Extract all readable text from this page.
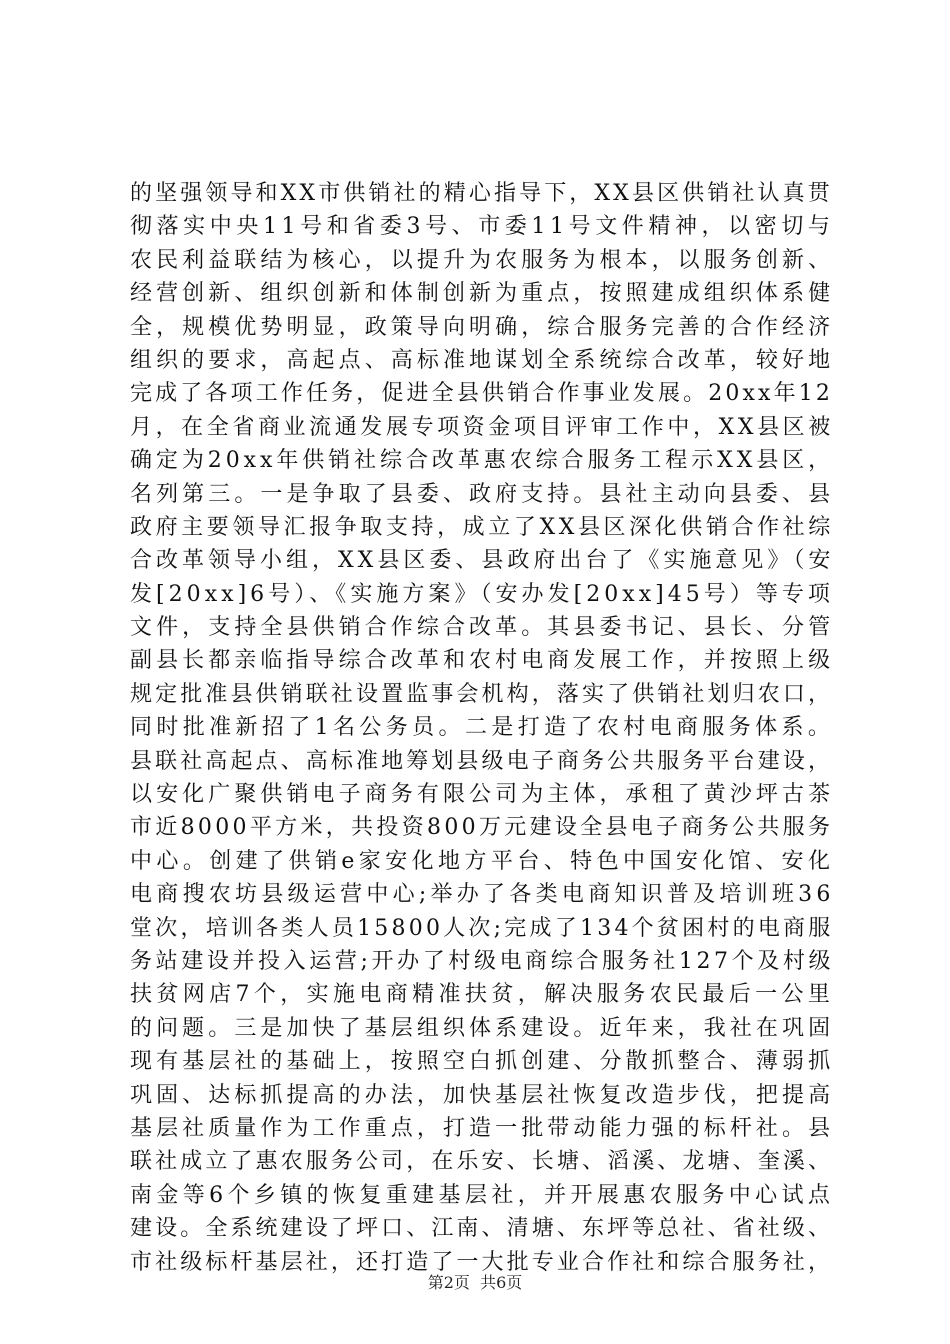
的坚强领导和XX市供销社的精心指导下，XX县区供销社认真贯
彻落实中央11号和省委3号、市委11号文件精神，以密切与
农民利益联结为核心，以提升为农服务为根本，以服务创新、
经营创新、组织创新和体制创新为重点，按照建成组织体系健
全，规模优势明显，政策导向明确，综合服务完善的合作经济
组织的要求，高起点、高标准地谋划全系统综合改革，较好地
完成了各项工作任务，促进全县供销合作事业发展。20xx年12
月，在全省商业流通发展专项资金项目评审工作中，XX县区被
确定为20xx年供销社综合改革惠农综合服务工程示XX县区，
名列第三。一是争取了县委、政府支持。县社主动向县委、县
政府主要领导汇报争取支持，成立了XX县区深化供销合作社综
合改革领导小组，XX县区委、县政府出台了《实施意见》（安
发[20xx]6号）、《实施方案》（安办发[20xx]45号）等专项
文件，支持全县供销合作综合改革。其县委书记、县长、分管
副县长都亲临指导综合改革和农村电商发展工作，并按照上级
规定批准县供销联社设置监事会机构，落实了供销社划归农口，
同时批准新招了1名公务员。二是打造了农村电商服务体系。
县联社高起点、高标准地筹划县级电子商务公共服务平台建设，
以安化广聚供销电子商务有限公司为主体，承租了黄沙坪古茶
市近8000平方米，共投资800万元建设全县电子商务公共服务
中心。创建了供销e家安化地方平台、特色中国安化馆、安化
电商搜农坊县级运营中心;举办了各类电商知识普及培训班36
堂次，培训各类人员15800人次;完成了134个贫困村的电商服
务站建设并投入运营;开办了村级电商综合服务社127个及村级
扶贫网店7个，实施电商精准扶贫，解决服务农民最后一公里
的问题。三是加快了基层组织体系建设。近年来，我社在巩固
现有基层社的基础上，按照空白抓创建、分散抓整合、薄弱抓
巩固、达标抓提高的办法，加快基层社恢复改造步伐，把提高
基层社质量作为工作重点，打造一批带动能力强的标杆社。县
联社成立了惠农服务公司，在乐安、长塘、滔溪、龙塘、奎溪、
南金等6个乡镇的恢复重建基层社，并开展惠农服务中心试点
建设。全系统建设了坪口、江南、清塘、东坪等总社、省社级、
市社级标杆基层社，还打造了一大批专业合作社和综合服务社，
第2页  共6页
